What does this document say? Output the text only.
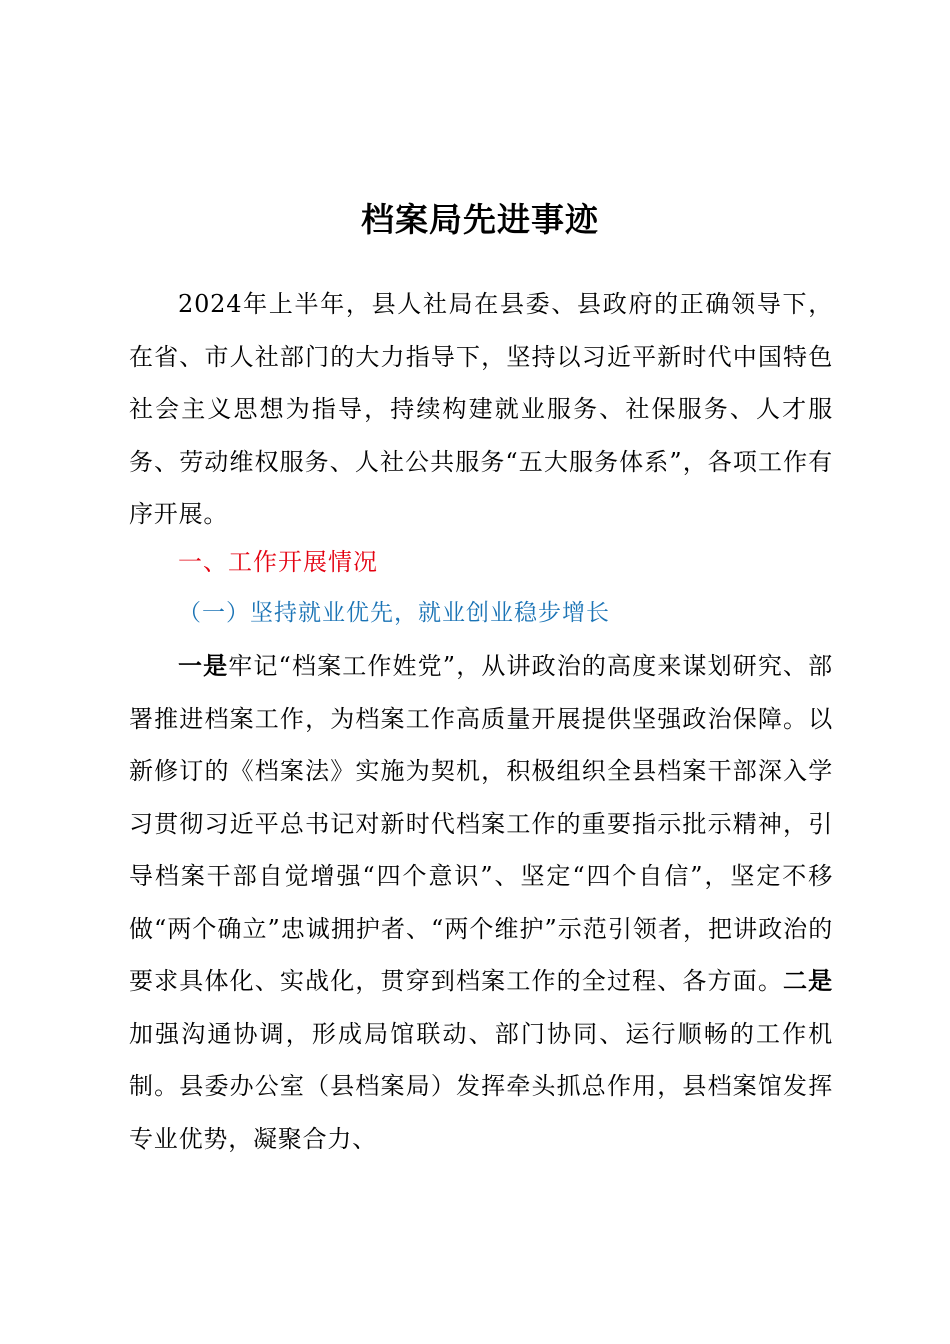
档案局先进事迹
2024年上半年，县人社局在县委、县政府的正确领导下，在省、市人社部门的大力指导下，坚持以习近平新时代中国特色社会主义思想为指导，持续构建就业服务、社保服务、人才服务、劳动维权服务、人社公共服务“五大服务体系”，各项工作有序开展。
一、工作开展情况
（一）坚持就业优先，就业创业稳步增长
一是牢记“档案工作姓党”，从讲政治的高度来谋划研究、部署推进档案工作，为档案工作高质量开展提供坚强政治保障。以新修订的《档案法》实施为契机，积极组织全县档案干部深入学习贯彻习近平总书记对新时代档案工作的重要指示批示精神，引导档案干部自觉增强“四个意识”、坚定“四个自信”，坚定不移做“两个确立”忠诚拥护者、“两个维护”示范引领者，把讲政治的要求具体化、实战化，贯穿到档案工作的全过程、各方面。二是加强沟通协调，形成局馆联动、部门协同、运行顺畅的工作机制。县委办公室（县档案局）发挥牵头抓总作用，县档案馆发挥专业优势，凝聚合力、
